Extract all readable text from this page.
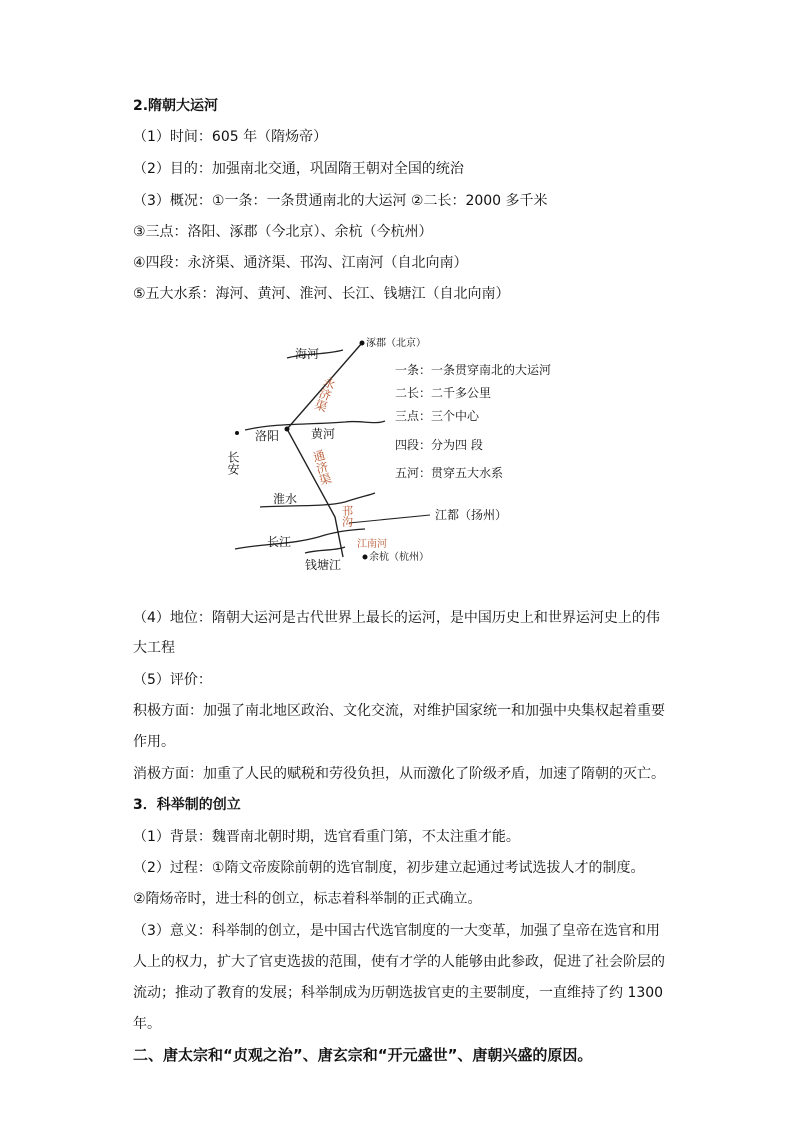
2.隋朝大运河
（1）时间：605 年（隋炀帝）
（2）目的：加强南北交通，巩固隋王朝对全国的统治
（3）概况：①一条：一条贯通南北的大运河 ②二长：2000 多千米
③三点：洛阳、涿郡（今北京）、余杭（今杭州）
④四段：永济渠、通济渠、邗沟、江南河（自北向南）
⑤五大水系：海河、黄河、淮河、长江、钱塘江（自北向南）
涿郡（北京）
海河
洛阳	黄河
淮水
长江
钱塘江
江都（扬州）
余杭（杭州）
长安
永济渠
通济渠
邗沟
江南河
一条：一条贯穿南北的大运河
二长：二千多公里
三点：三个中心
四段：分为四 段
五河：贯穿五大水系
（4）地位：隋朝大运河是古代世界上最长的运河，是中国历史上和世界运河史上的伟
大工程
（5）评价：
积极方面：加强了南北地区政治、文化交流，对维护国家统一和加强中央集权起着重要
作用。
消极方面：加重了人民的赋税和劳役负担，从而激化了阶级矛盾，加速了隋朝的灭亡。
3．科举制的创立
（1）背景：魏晋南北朝时期，选官看重门第，不太注重才能。
（2）过程：①隋文帝废除前朝的选官制度，初步建立起通过考试选拔人才的制度。
②隋炀帝时，进士科的创立，标志着科举制的正式确立。
（3）意义：科举制的创立，是中国古代选官制度的一大变革，加强了皇帝在选官和用
人上的权力，扩大了官吏选拔的范围，使有才学的人能够由此参政，促进了社会阶层的
流动；推动了教育的发展；科举制成为历朝选拔官吏的主要制度，一直维持了约 1300
年。
二、唐太宗和“贞观之治”、唐玄宗和“开元盛世”、唐朝兴盛的原因。
